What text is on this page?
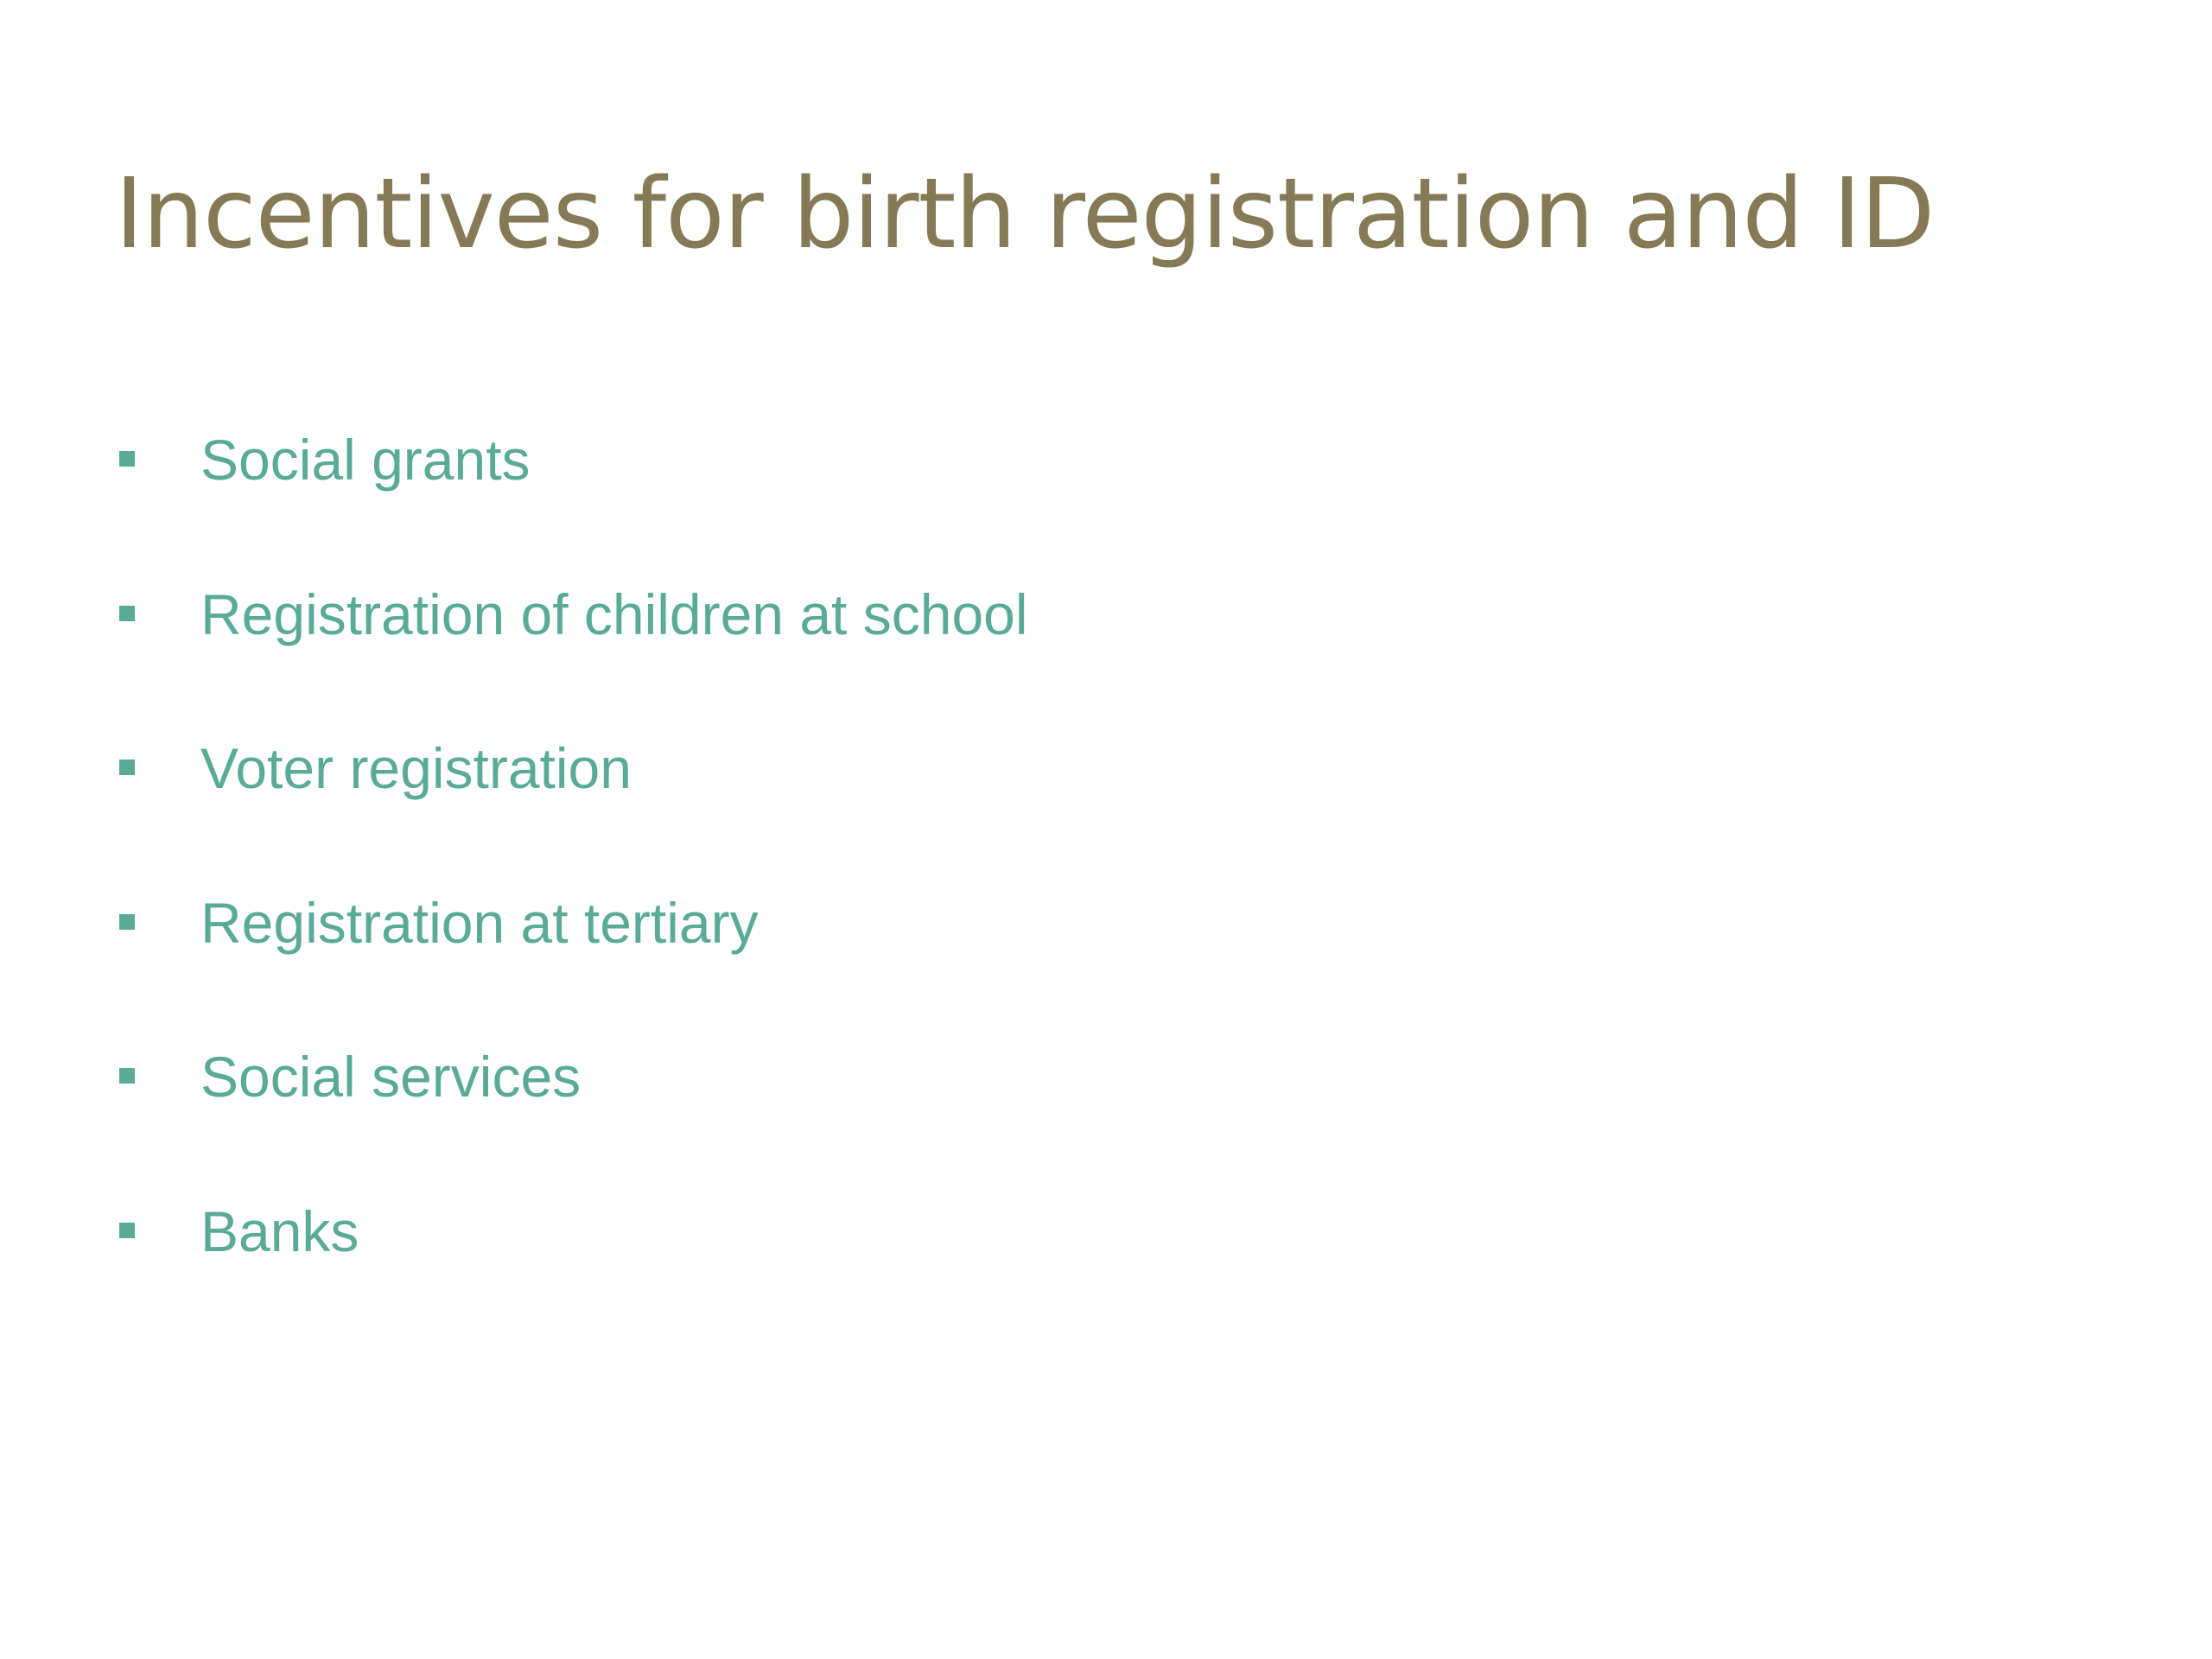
Incentives for birth registration and ID
Social grants
Registration of children at school
Voter registration
Registration at tertiary
Social services
Banks
